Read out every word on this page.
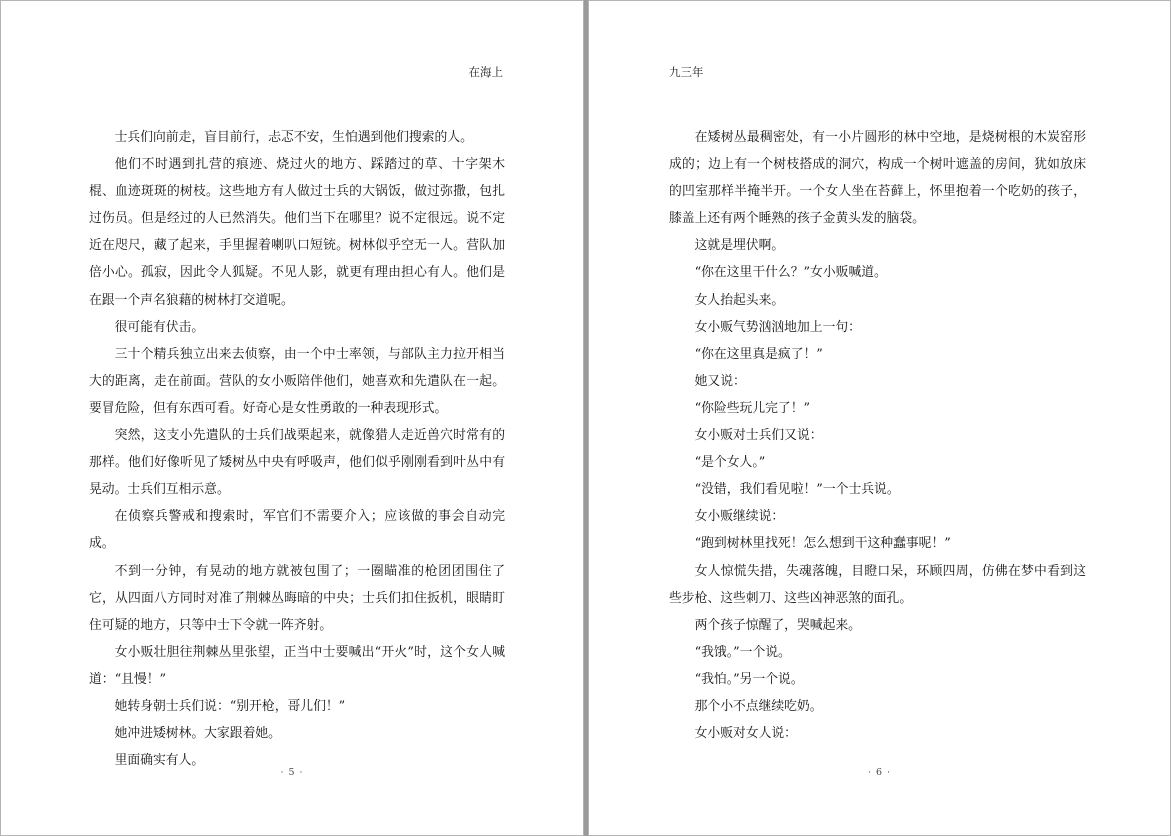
在海上

士兵们向前走，盲目前行，忐忑不安，生怕遇到他们搜索的人。

他们不时遇到扎营的痕迹、烧过火的地方、踩踏过的草、十字架木棍、血迹斑斑的树枝。这些地方有人做过士兵的大锅饭，做过弥撒，包扎过伤员。但是经过的人已然消失。他们当下在哪里？说不定很远。说不定近在咫尺，藏了起来，手里握着喇叭口短铳。树林似乎空无一人。营队加倍小心。孤寂，因此令人狐疑。不见人影，就更有理由担心有人。他们是在跟一个声名狼藉的树林打交道呢。

很可能有伏击。

三十个精兵独立出来去侦察，由一个中士率领，与部队主力拉开相当大的距离，走在前面。营队的女小贩陪伴他们，她喜欢和先遣队在一起。要冒危险，但有东西可看。好奇心是女性勇敢的一种表现形式。

突然，这支小先遣队的士兵们战栗起来，就像猎人走近兽穴时常有的那样。他们好像听见了矮树丛中央有呼吸声，他们似乎刚刚看到叶丛中有晃动。士兵们互相示意。

在侦察兵警戒和搜索时，军官们不需要介入；应该做的事会自动完成。

不到一分钟，有晃动的地方就被包围了；一圈瞄准的枪团团围住了它，从四面八方同时对准了荆棘丛晦暗的中央；士兵们扣住扳机，眼睛盯住可疑的地方，只等中士下令就一阵齐射。

女小贩壮胆往荆棘丛里张望，正当中士要喊出“开火”时，这个女人喊道：“且慢！”

她转身朝士兵们说：“别开枪，哥儿们！”

她冲进矮树林。大家跟着她。

里面确实有人。

· 5 ·
九三年

在矮树丛最稠密处，有一小片圆形的林中空地，是烧树根的木炭窑形成的；边上有一个树枝搭成的洞穴，构成一个树叶遮盖的房间，犹如放床的凹室那样半掩半开。一个女人坐在苔藓上，怀里抱着一个吃奶的孩子，膝盖上还有两个睡熟的孩子金黄头发的脑袋。

这就是埋伏啊。

“你在这里干什么？”女小贩喊道。

女人抬起头来。

女小贩气势汹汹地加上一句：

“你在这里真是疯了！”

她又说：

“你险些玩儿完了！”

女小贩对士兵们又说：

“是个女人。”

“没错，我们看见啦！”一个士兵说。

女小贩继续说：

“跑到树林里找死！怎么想到干这种蠢事呢！”

女人惊慌失措，失魂落魄，目瞪口呆，环顾四周，仿佛在梦中看到这些步枪、这些刺刀、这些凶神恶煞的面孔。

两个孩子惊醒了，哭喊起来。

“我饿。”一个说。

“我怕。”另一个说。

那个小不点继续吃奶。

女小贩对女人说：

· 6 ·
